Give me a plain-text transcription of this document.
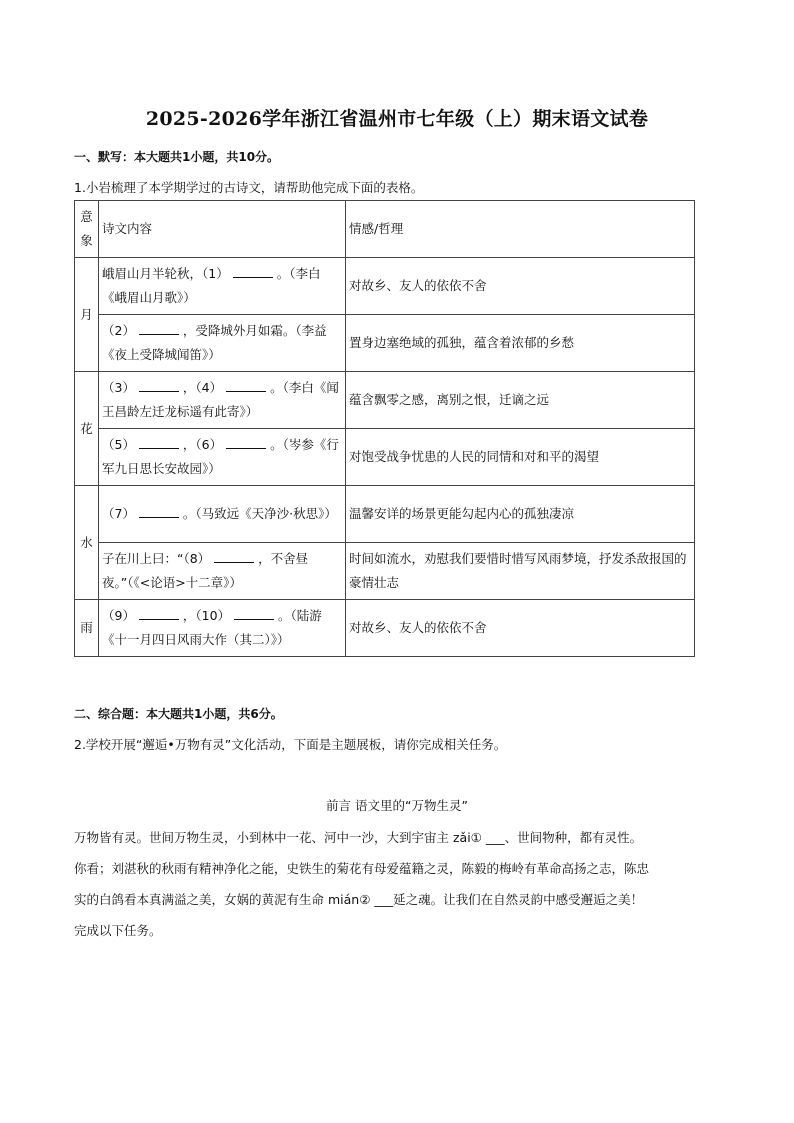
2025-2026学年浙江省温州市七年级（上）期末语文试卷
一、默写：本大题共1小题，共10分。
1.小岩梳理了本学期学过的古诗文，请帮助他完成下面的表格。
意象	诗文内容	情感/哲理
月	峨眉山月半轮秋，（1） 。（李白《峨眉山月歌》）	对故乡、友人的依依不舍
	（2） ，受降城外月如霜。（李益《夜上受降城闻笛》）	置身边塞绝域的孤独，蕴含着浓郁的乡愁
花	（3） ，（4） 。（李白《闻王昌龄左迁龙标遥有此寄》）	蕴含飘零之感，离别之恨，迁谪之远
	（5） ，（6） 。（岑参《行军九日思长安故园》）	对饱受战争忧患的人民的同情和对和平的渴望
水	（7） 。（马致远《天净沙·秋思》）	温馨安详的场景更能勾起内心的孤独凄凉
	子在川上曰：“（8） ，不舍昼夜。”（《<论语>十二章》）	时间如流水，劝慰我们要惜时惜写风雨梦境，抒发杀敌报国的豪情壮志
雨	（9） ，（10） 。（陆游《十一月四日风雨大作（其二）》）	对故乡、友人的依依不舍
二、综合题：本大题共1小题，共6分。
2.学校开展“邂逅•万物有灵”文化活动，下面是主题展板，请你完成相关任务。
前言 语文里的“万物生灵”
万物皆有灵。世间万物生灵，小到林中一花、河中一沙，大到宇宙主 zǎi① ___、世间物种，都有灵性。
你看；刘湛秋的秋雨有精神净化之能，史铁生的菊花有母爱蕴籍之灵，陈毅的梅岭有革命高扬之志，陈忠
实的白鸽看本真满溢之美，女娲的黄泥有生命 mián② ___延之魂。让我们在自然灵韵中感受邂逅之美！
完成以下任务。
